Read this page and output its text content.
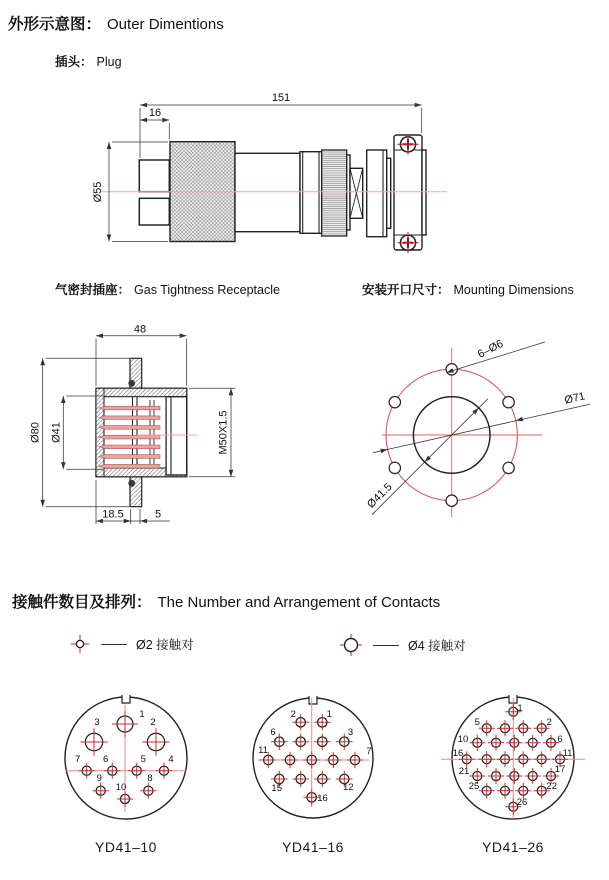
外形示意图： Outer Dimentions
插头： Plug
151
16
Ø55
气密封插座： Gas Tightness Receptacle	安装开口尺寸： Mounting Dimensions
48
Ø80 Ø41	M50X1.5
18.5	5
6–Ø6
Ø71
Ø41.5
接触件数目及排列： The Number and Arrangement of Contacts
Ø2 接触对	Ø4 接触对
1
2
3
4
5
6
7
8
9
10
YD41–10
1
2
3
6
7
11
12
15
16
YD41–16
1
2
5
6
10
11
16
17
21
22
25
26
YD41–26
